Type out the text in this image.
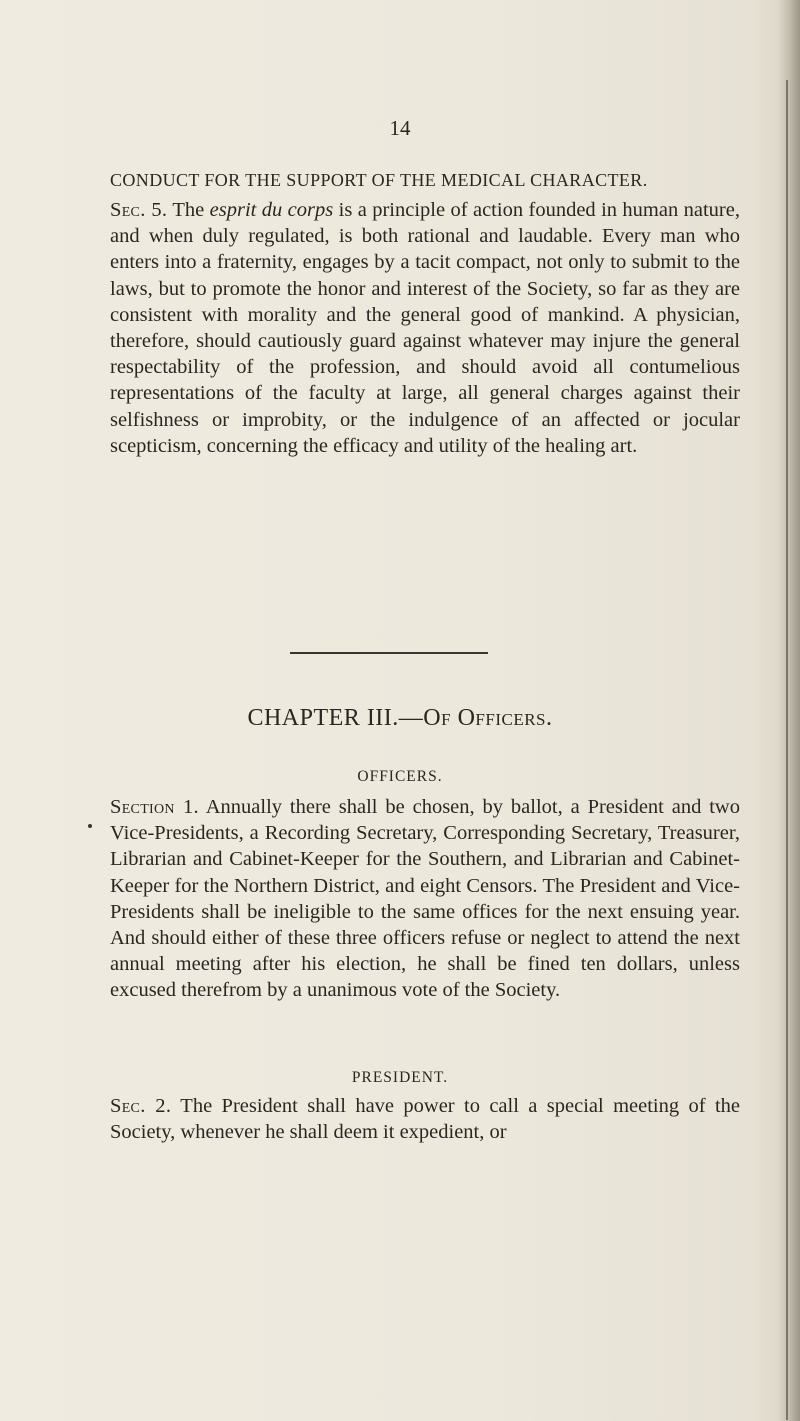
14
CONDUCT FOR THE SUPPORT OF THE MEDICAL CHARACTER.

Sec. 5. The esprit du corps is a principle of action founded in human nature, and when duly regulated, is both rational and laudable. Every man who enters into a fraternity, engages by a tacit compact, not only to submit to the laws, but to promote the honor and interest of the Society, so far as they are consistent with morality and the general good of mankind. A physician, therefore, should cautiously guard against whatever may injure the general respectability of the profession, and should avoid all contumelious representations of the faculty at large, all general charges against their selfishness or improbity, or the indulgence of an affected or jocular scepticism, concerning the efficacy and utility of the healing art.

CHAPTER III.—Of Officers.
OFFICERS.

Section 1. Annually there shall be chosen, by ballot, a President and two Vice-Presidents, a Recording Secretary, Corresponding Secretary, Treasurer, Librarian and Cabinet-Keeper for the Southern, and Librarian and Cabinet-Keeper for the Northern District, and eight Censors. The President and Vice-Presidents shall be ineligible to the same offices for the next ensuing year. And should either of these three officers refuse or neglect to attend the next annual meeting after his election, he shall be fined ten dollars, unless excused therefrom by a unanimous vote of the Society.

PRESIDENT.

Sec. 2. The President shall have power to call a special meeting of the Society, whenever he shall deem it expedient, or
